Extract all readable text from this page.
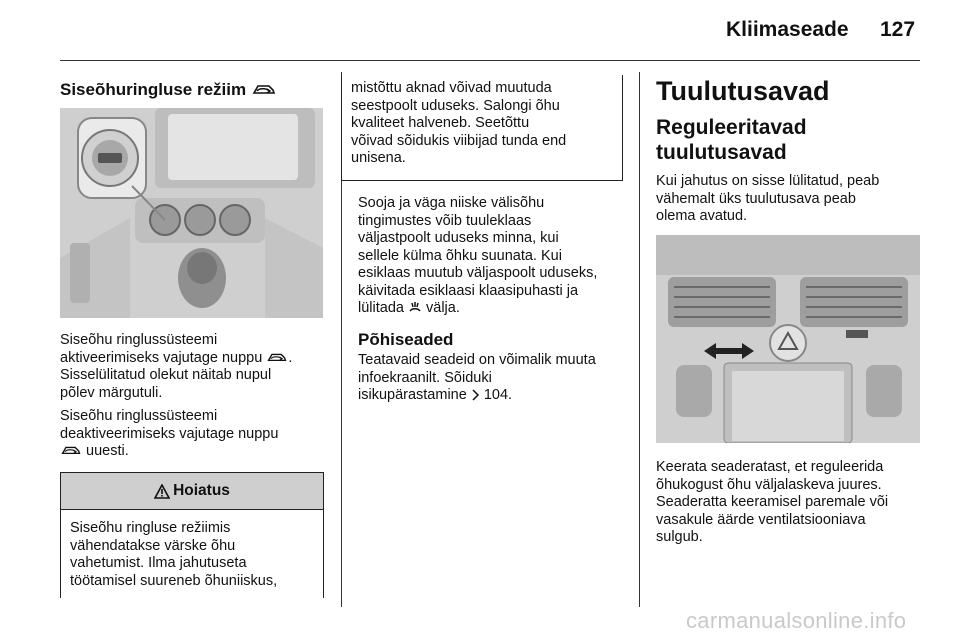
Kliimaseade 127
Siseõhuringluse režiim

Siseõhu ringlussüsteemi
aktiveerimiseks vajutage nuppu .
Sisselülitatud olekut näitab nupul
põlev märgutuli.

Siseõhu ringlussüsteemi
deaktiveerimiseks vajutage nuppu
uuesti.

Hoiatus

Siseõhu ringluse režiimis
vähendatakse värske õhu
vahetumist. Ilma jahutuseta
töötamisel suureneb õhuniiskus,

mistõttu aknad võivad muutuda
seestpoolt uduseks. Salongi õhu
kvaliteet halveneb. Seetõttu
võivad sõidukis viibijad tunda end
unisena.

Sooja ja väga niiske välisõhu
tingimustes võib tuuleklaas
väljastpoolt uduseks minna, kui
sellele külma õhku suunata. Kui
esiklaas muutub väljaspoolt uduseks,
käivitada esiklaasi klaasipuhasti ja
lülitada  välja.

Põhiseaded

Teatavaid seadeid on võimalik muuta
infoekraanilt. Sõiduki
isikupärastamine  104.

Tuulutusavad
Reguleeritavad
tuulutusavad

Kui jahutus on sisse lülitatud, peab
vähemalt üks tuulutusava peab
olema avatud.

Keerata seaderatast, et reguleerida
õhukogust õhu väljalaskeva juures.
Seaderatta keeramisel paremale või
vasakule äärde ventilatsiooniava
sulgub.

carmanualsonline.info
